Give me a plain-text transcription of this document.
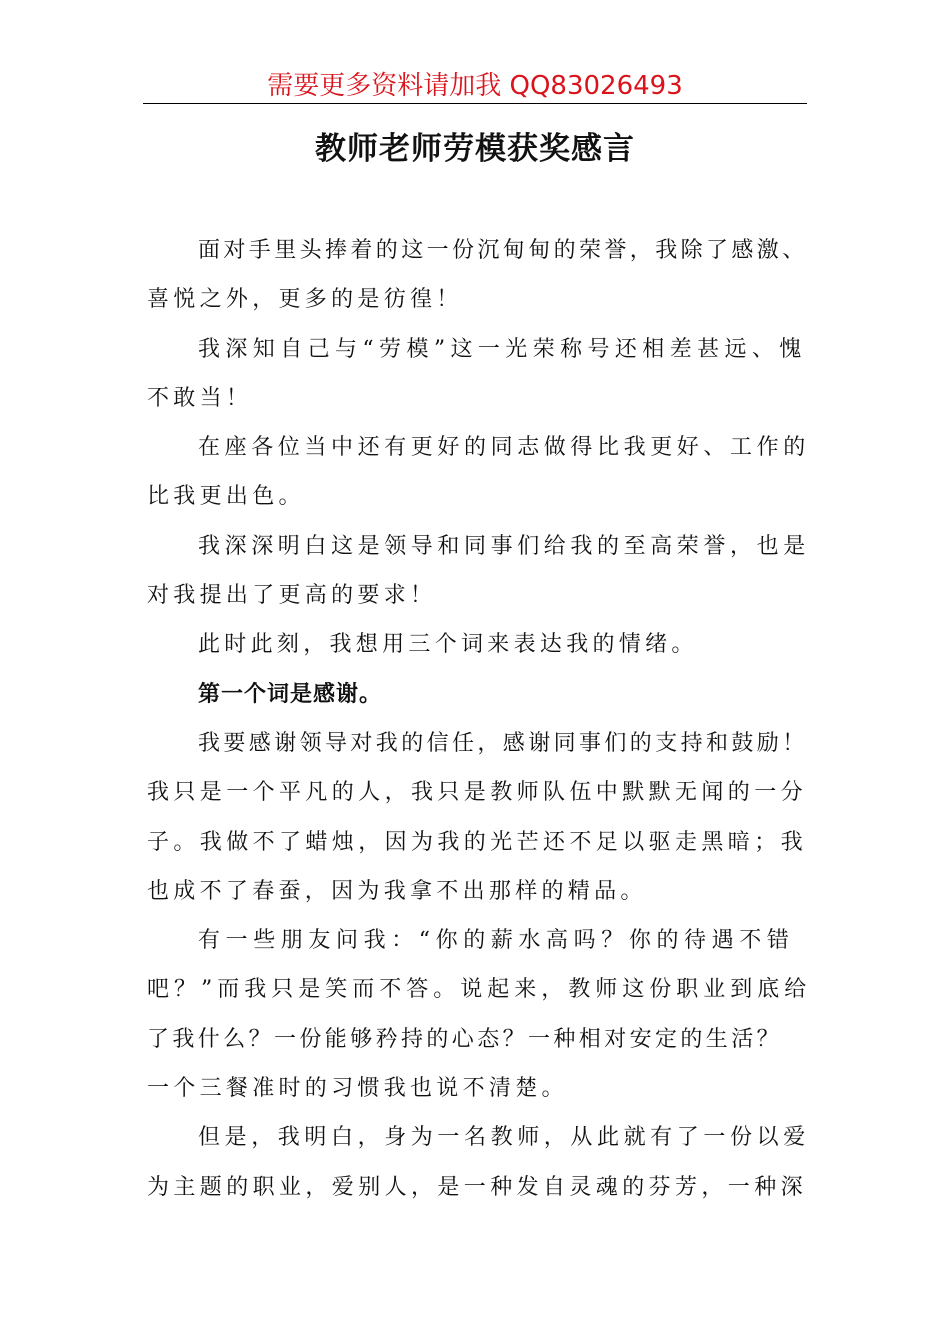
需要更多资料请加我 QQ83026493
教师老师劳模获奖感言
面对手里头捧着的这一份沉甸甸的荣誉，我除了感激、
喜悦之外，更多的是彷徨！
我深知自己与“劳模”这一光荣称号还相差甚远、愧
不敢当！
在座各位当中还有更好的同志做得比我更好、工作的
比我更出色。
我深深明白这是领导和同事们给我的至高荣誉，也是
对我提出了更高的要求！
此时此刻，我想用三个词来表达我的情绪。
第一个词是感谢。
我要感谢领导对我的信任，感谢同事们的支持和鼓励！
我只是一个平凡的人，我只是教师队伍中默默无闻的一分
子。我做不了蜡烛，因为我的光芒还不足以驱走黑暗；我
也成不了春蚕，因为我拿不出那样的精品。
有一些朋友问我：“你的薪水高吗？你的待遇不错
吧？”而我只是笑而不答。说起来，教师这份职业到底给
了我什么？一份能够矜持的心态？一种相对安定的生活？
一个三餐准时的习惯我也说不清楚。
但是，我明白，身为一名教师，从此就有了一份以爱
为主题的职业，爱别人，是一种发自灵魂的芬芳，一种深
